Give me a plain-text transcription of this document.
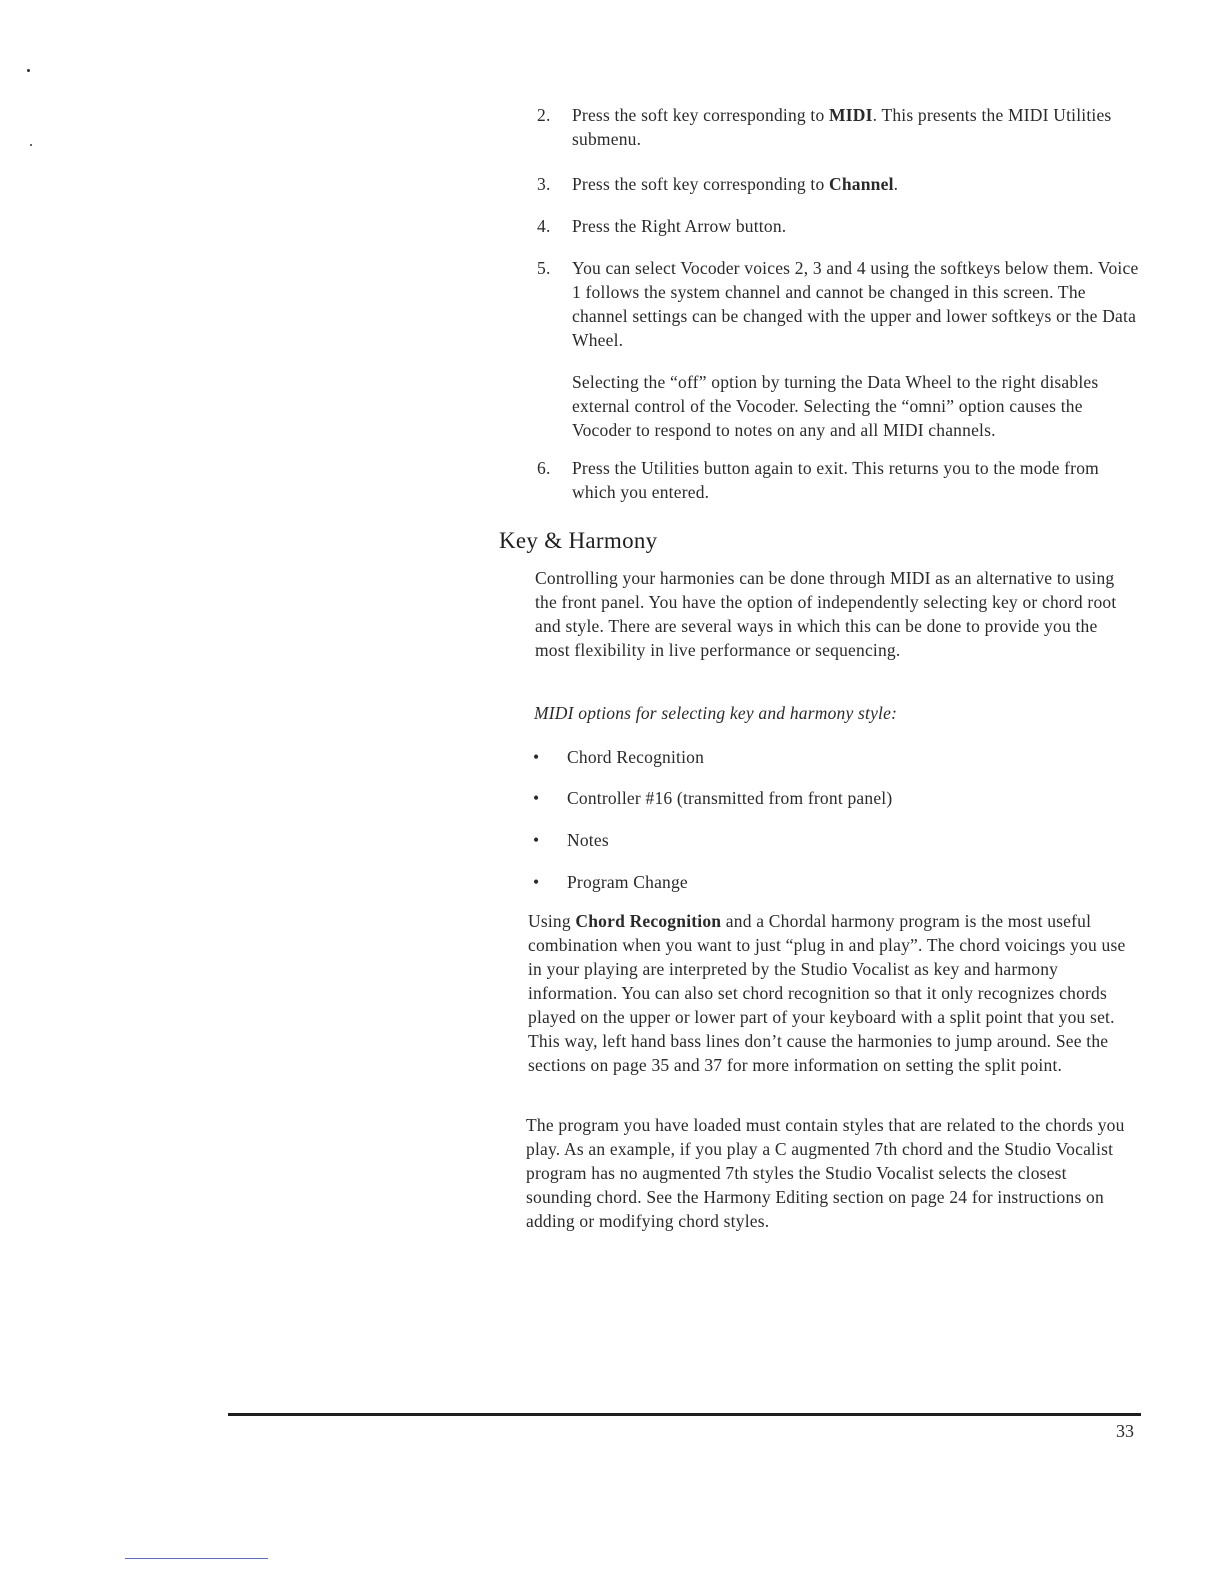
2. Press the soft key corresponding to MIDI. This presents the MIDI Utilities submenu.
3. Press the soft key corresponding to Channel.
4. Press the Right Arrow button.
5. You can select Vocoder voices 2, 3 and 4 using the softkeys below them. Voice 1 follows the system channel and cannot be changed in this screen. The channel settings can be changed with the upper and lower softkeys or the Data Wheel.
Selecting the “off” option by turning the Data Wheel to the right disables external control of the Vocoder. Selecting the “omni” option causes the Vocoder to respond to notes on any and all MIDI channels.
6. Press the Utilities button again to exit. This returns you to the mode from which you entered.
Key & Harmony
Controlling your harmonies can be done through MIDI as an alternative to using the front panel. You have the option of independently selecting key or chord root and style. There are several ways in which this can be done to provide you the most flexibility in live performance or sequencing.
MIDI options for selecting key and harmony style:
• Chord Recognition
• Controller #16 (transmitted from front panel)
• Notes
• Program Change
Using Chord Recognition and a Chordal harmony program is the most useful combination when you want to just “plug in and play”. The chord voicings you use in your playing are interpreted by the Studio Vocalist as key and harmony information. You can also set chord recognition so that it only recognizes chords played on the upper or lower part of your keyboard with a split point that you set. This way, left hand bass lines don’t cause the harmonies to jump around. See the sections on page 35 and 37 for more information on setting the split point.
The program you have loaded must contain styles that are related to the chords you play. As an example, if you play a C augmented 7th chord and the Studio Vocalist program has no augmented 7th styles the Studio Vocalist selects the closest sounding chord. See the Harmony Editing section on page 24 for instructions on adding or modifying chord styles.
33
